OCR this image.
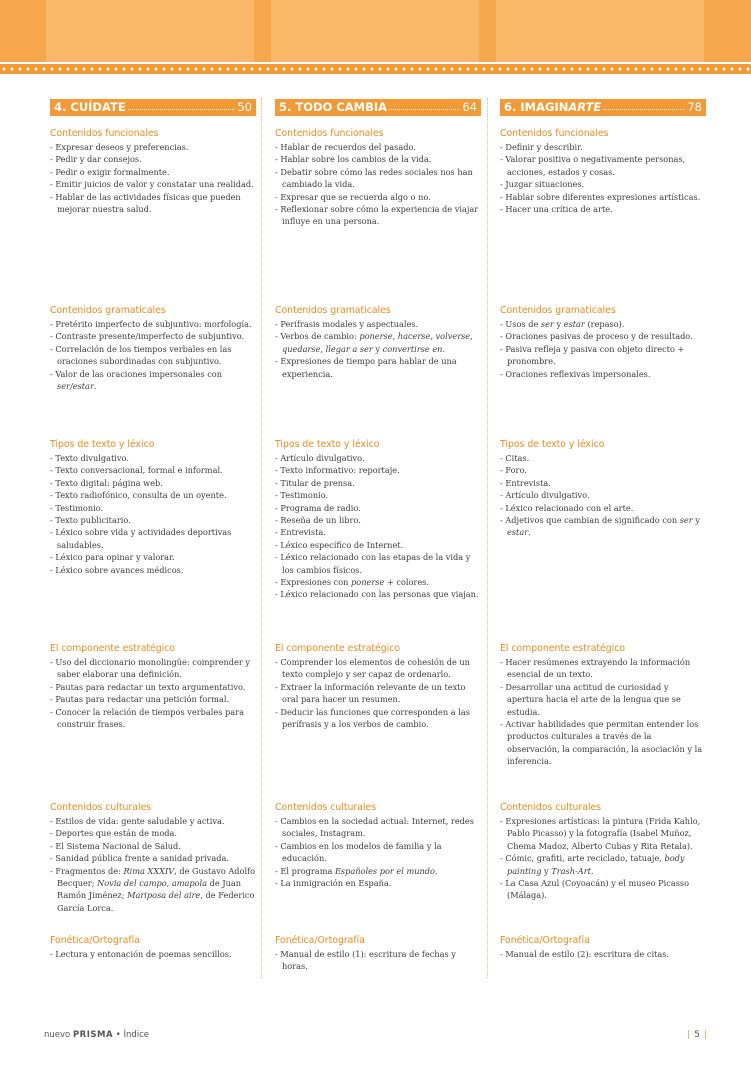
4. CUÍDATE	50 5. TODO CAMBIA	64 6. IMAGINARTE	78
Contenidos funcionales
- Expresar deseos y preferencias.
- Pedir y dar consejos.
- Pedir o exigir formalmente.
- Emitir juicios de valor y constatar una realidad.
- Hablar de las actividades físicas que pueden mejorar nuestra salud.
Contenidos gramaticales
- Pretérito imperfecto de subjuntivo: morfología.
- Contraste presente/imperfecto de subjuntivo.
- Correlación de los tiempos verbales en las oraciones subordinadas con subjuntivo.
- Valor de las oraciones impersonales con ser/estar.
Tipos de texto y léxico
- Texto divulgativo.
- Texto conversacional, formal e informal.
- Texto digital: página web.
- Texto radiofónico, consulta de un oyente.
- Testimonio.
- Texto publicitario.
- Léxico sobre vida y actividades deportivas saludables.
- Léxico para opinar y valorar.
- Léxico sobre avances médicos.
El componente estratégico
- Uso del diccionario monolingüe: comprender y saber elaborar una definición.
- Pautas para redactar un texto argumentativo.
- Pautas para redactar una petición formal.
- Conocer la relación de tiempos verbales para construir frases.
Contenidos culturales
- Estilos de vida: gente saludable y activa.
- Deportes que están de moda.
- El Sistema Nacional de Salud.
- Sanidad pública frente a sanidad privada.
- Fragmentos de: Rima XXXIV, de Gustavo Adolfo Becquer; Novia del campo, amapola de Juan Ramón Jiménez; Mariposa del aire, de Federico García Lorca.
Fonética/Ortografía
- Lectura y entonación de poemas sencillos.
Contenidos funcionales
- Hablar de recuerdos del pasado.
- Hablar sobre los cambios de la vida.
- Debatir sobre cómo las redes sociales nos han cambiado la vida.
- Expresar que se recuerda algo o no.
- Reflexionar sobre cómo la experiencia de viajar influye en una persona.
Contenidos gramaticales
- Perífrasis modales y aspectuales.
- Verbos de cambio: ponerse, hacerse, volverse, quedarse, llegar a ser y convertirse en.
- Expresiones de tiempo para hablar de una experiencia.
Tipos de texto y léxico
- Artículo divulgativo.
- Texto informativo: reportaje.
- Titular de prensa.
- Testimonio.
- Programa de radio.
- Reseña de un libro.
- Entrevista.
- Léxico específico de Internet.
- Léxico relacionado con las etapas de la vida y los cambios físicos.
- Expresiones con ponerse + colores.
- Léxico relacionado con las personas que viajan.
El componente estratégico
- Comprender los elementos de cohesión de un texto complejo y ser capaz de ordenarlo.
- Extraer la información relevante de un texto oral para hacer un resumen.
- Deducir las funciones que corresponden a las perífrasis y a los verbos de cambio.
Contenidos culturales
- Cambios en la sociedad actual: Internet, redes sociales, Instagram.
- Cambios en los modelos de familia y la educación.
- El programa Españoles por el mundo.
- La inmigración en España.
Fonética/Ortografía
- Manual de estilo (1): escritura de fechas y horas.
Contenidos funcionales
- Definir y describir.
- Valorar positiva o negativamente personas, acciones, estados y cosas.
- Juzgar situaciones.
- Hablar sobre diferentes expresiones artísticas.
- Hacer una crítica de arte.
Contenidos gramaticales
- Usos de ser y estar (repaso).
- Oraciones pasivas de proceso y de resultado.
- Pasiva refleja y pasiva con objeto directo + pronombre.
- Oraciones reflexivas impersonales.
Tipos de texto y léxico
- Citas.
- Foro.
- Entrevista.
- Artículo divulgativo.
- Léxico relacionado con el arte.
- Adjetivos que cambian de significado con ser y estar.
El componente estratégico
- Hacer resúmenes extrayendo la información esencial de un texto.
- Desarrollar una actitud de curiosidad y apertura hacia el arte de la lengua que se estudia.
- Activar habilidades que permitan entender los productos culturales a través de la observación, la comparación, la asociación y la inferencia.
Contenidos culturales
- Expresiones artísticas: la pintura (Frida Kahlo, Pablo Picasso) y la fotografía (Isabel Muñoz, Chema Madoz, Alberto Cubas y Rita Retala).
- Cómic, grafiti, arte reciclado, tatuaje, body painting y Trash-Art.
- La Casa Azul (Coyoacán) y el museo Picasso (Málaga).
Fonética/Ortografía
- Manual de estilo (2): escritura de citas.
nuevo PRISMA • Índice
|	5 |
